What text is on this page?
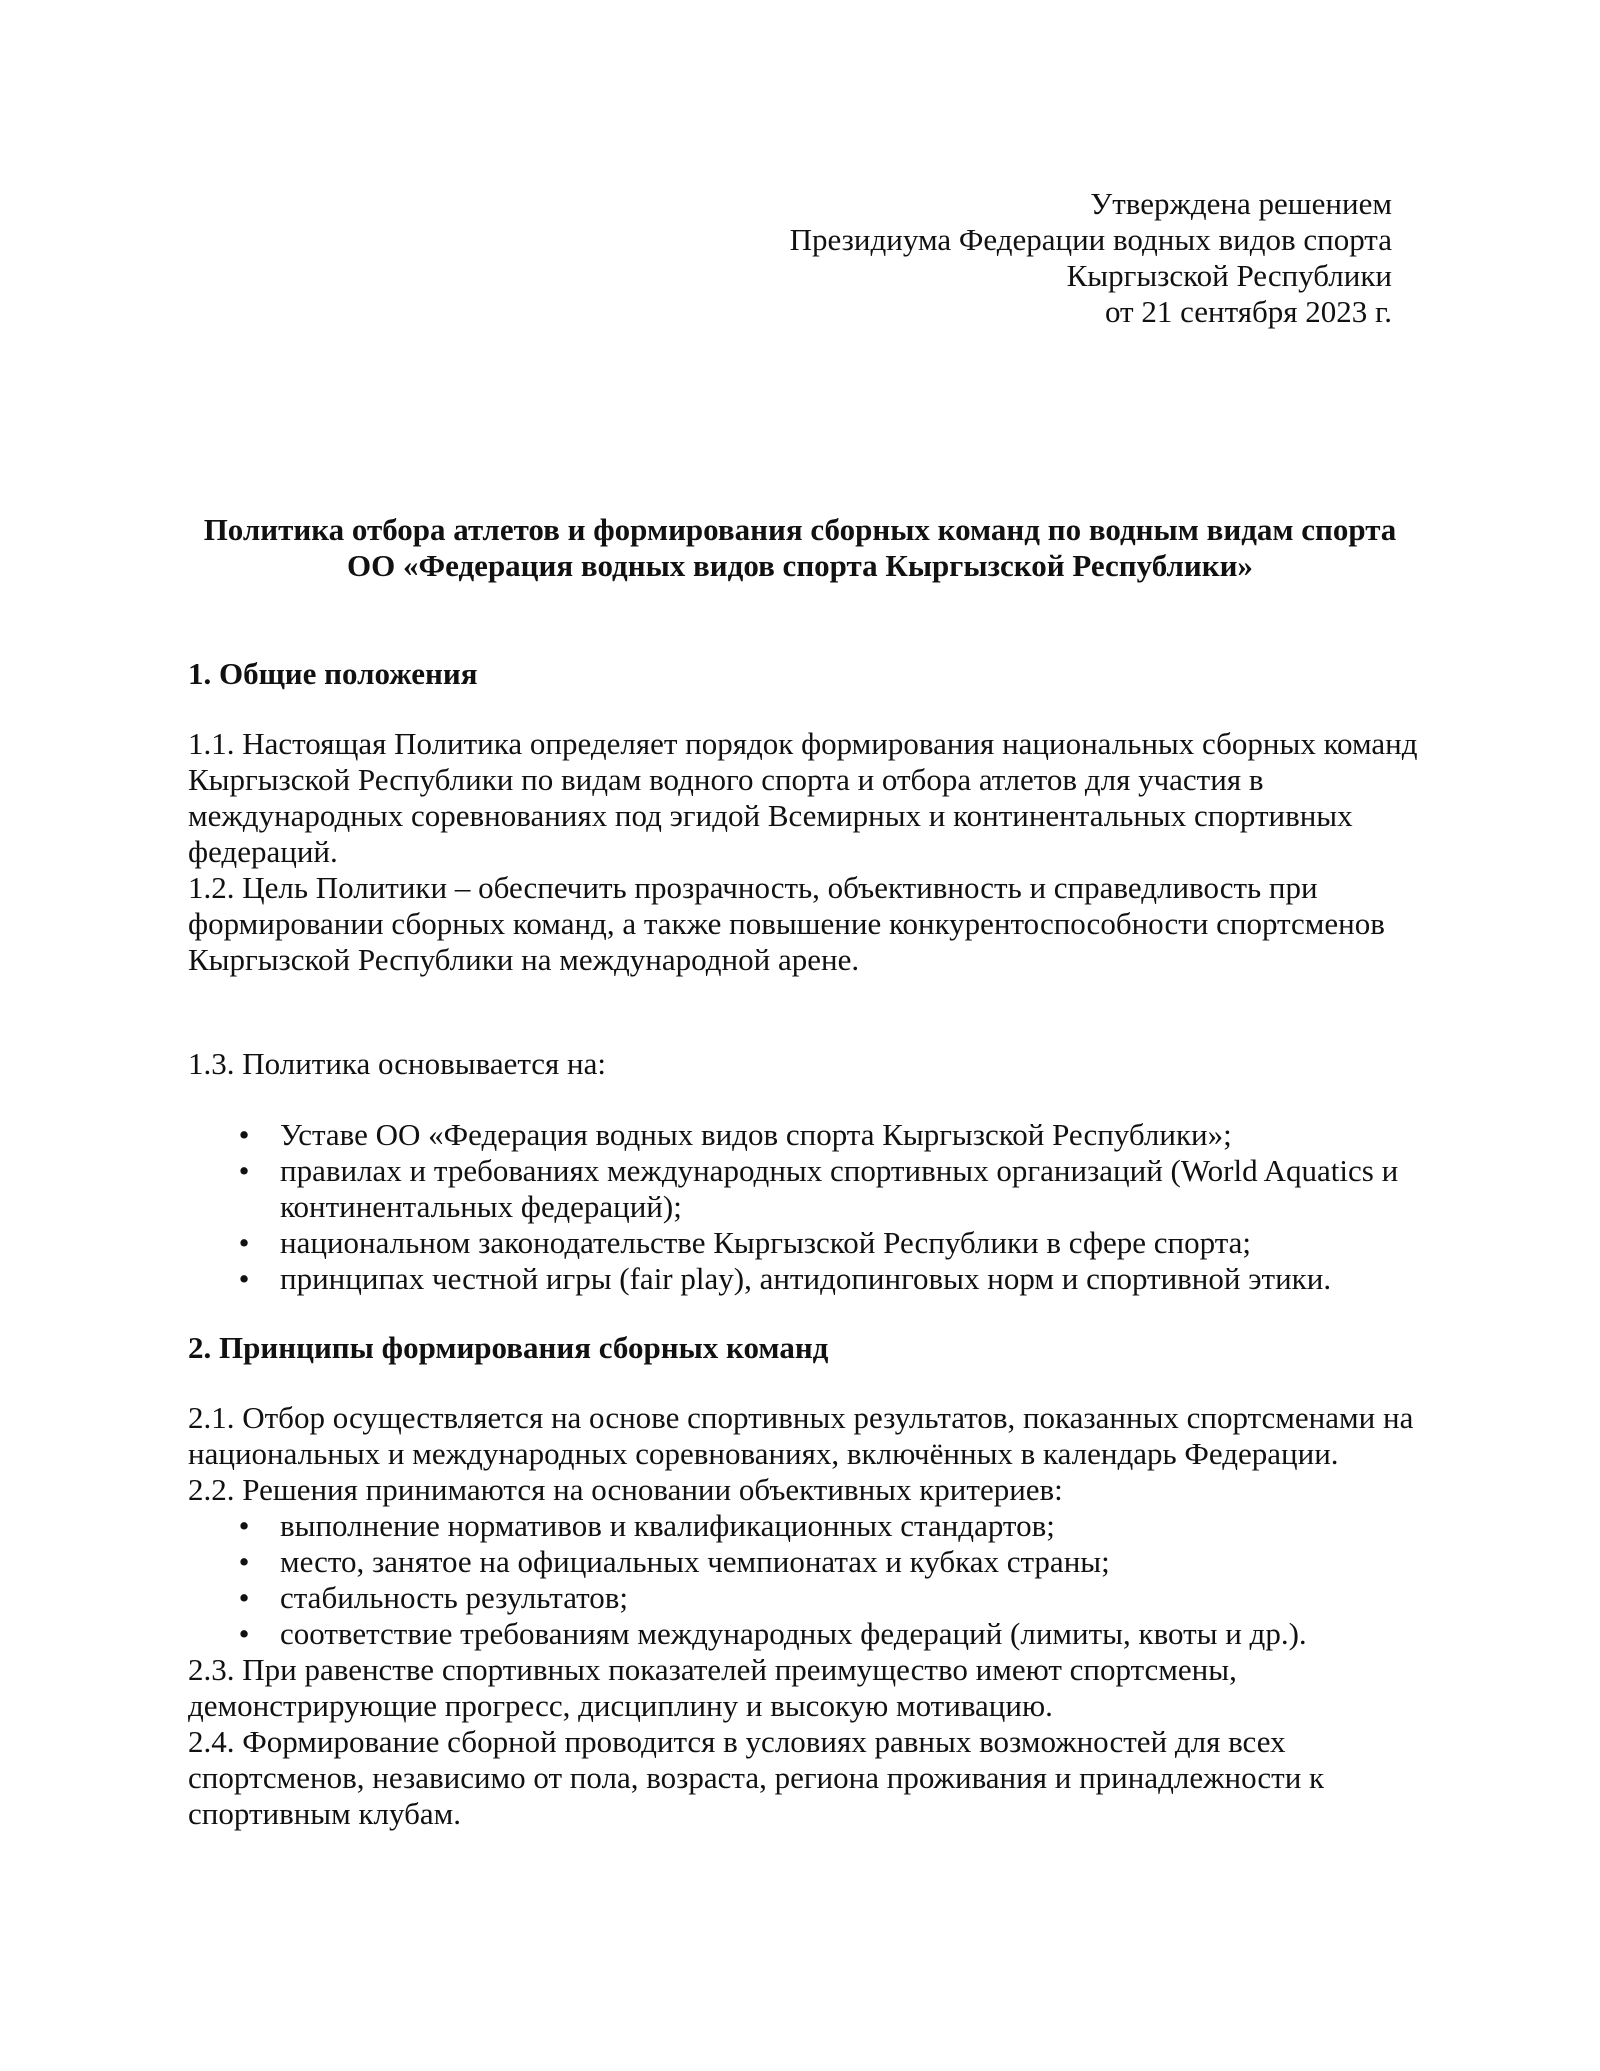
Утверждена решением
Президиума Федерации водных видов спорта
Кыргызской Республики
от 21 сентября 2023 г.
Политика отбора атлетов и формирования сборных команд по водным видам спорта
ОО «Федерация водных видов спорта Кыргызской Республики»
1. Общие положения

1.1. Настоящая Политика определяет порядок формирования национальных сборных команд Кыргызской Республики по видам водного спорта и отбора атлетов для участия в международных соревнованиях под эгидой Всемирных и континентальных спортивных федераций.

1.2. Цель Политики – обеспечить прозрачность, объективность и справедливость при формировании сборных команд, а также повышение конкурентоспособности спортсменов Кыргызской Республики на международной арене.

1.3. Политика основывается на:

• Уставе ОО «Федерация водных видов спорта Кыргызской Республики»;
• правилах и требованиях международных спортивных организаций (World Aquatics и континентальных федераций);
• национальном законодательстве Кыргызской Республики в сфере спорта;
• принципах честной игры (fair play), антидопинговых норм и спортивной этики.
2. Принципы формирования сборных команд

2.1. Отбор осуществляется на основе спортивных результатов, показанных спортсменами на национальных и международных соревнованиях, включённых в календарь Федерации.

2.2. Решения принимаются на основании объективных критериев:

• выполнение нормативов и квалификационных стандартов;
• место, занятое на официальных чемпионатах и кубках страны;
• стабильность результатов;
• соответствие требованиям международных федераций (лимиты, квоты и др.).

2.3. При равенстве спортивных показателей преимущество имеют спортсмены, демонстрирующие прогресс, дисциплину и высокую мотивацию.

2.4. Формирование сборной проводится в условиях равных возможностей для всех спортсменов, независимо от пола, возраста, региона проживания и принадлежности к спортивным клубам.
